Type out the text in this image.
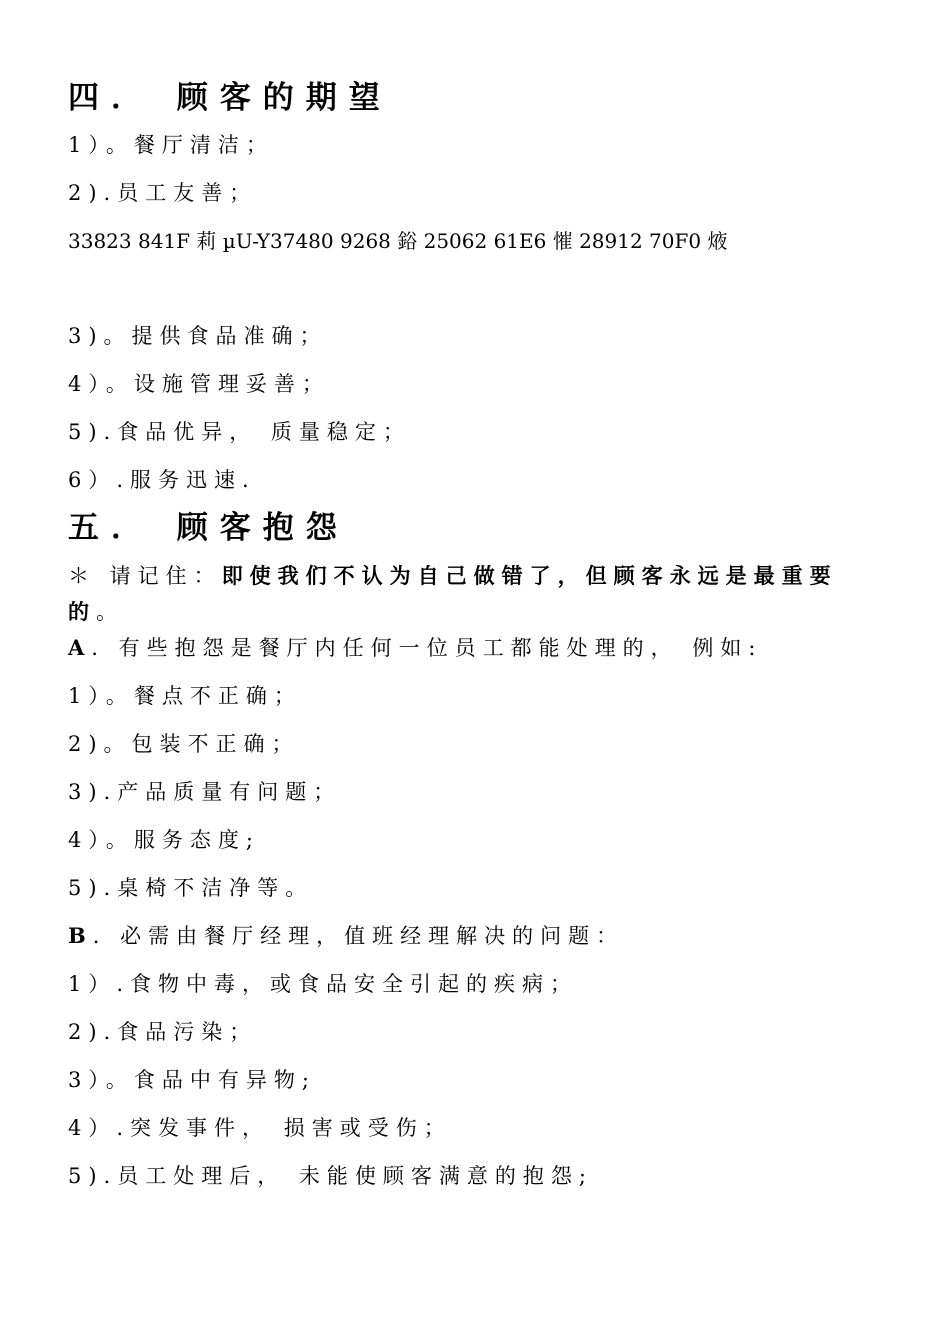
四． 顾客的期望
1）。餐厅清洁；
2).员工友善；
33823 841F 莉 µU-Y37480 9268 鋊 25062 61E6 慛 28912 70F0 焲
3)。提供食品准确；
4）。设施管理妥善；
5).食品优异， 质量稳定；
6）.服务迅速.
五． 顾客抱怨
＊ 请记住：即使我们不认为自己做错了，但顾客永远是最重要的。
A. 有些抱怨是餐厅内任何一位员工都能处理的， 例如:
1）。餐点不正确；
2)。包装不正确；
3).产品质量有问题；
4）。服务态度;
5).桌椅不洁净等。
B. 必需由餐厅经理，值班经理解决的问题：
1）.食物中毒，或食品安全引起的疾病；
2).食品污染；
3）。食品中有异物;
4）.突发事件， 损害或受伤；
5).员工处理后， 未能使顾客满意的抱怨;
